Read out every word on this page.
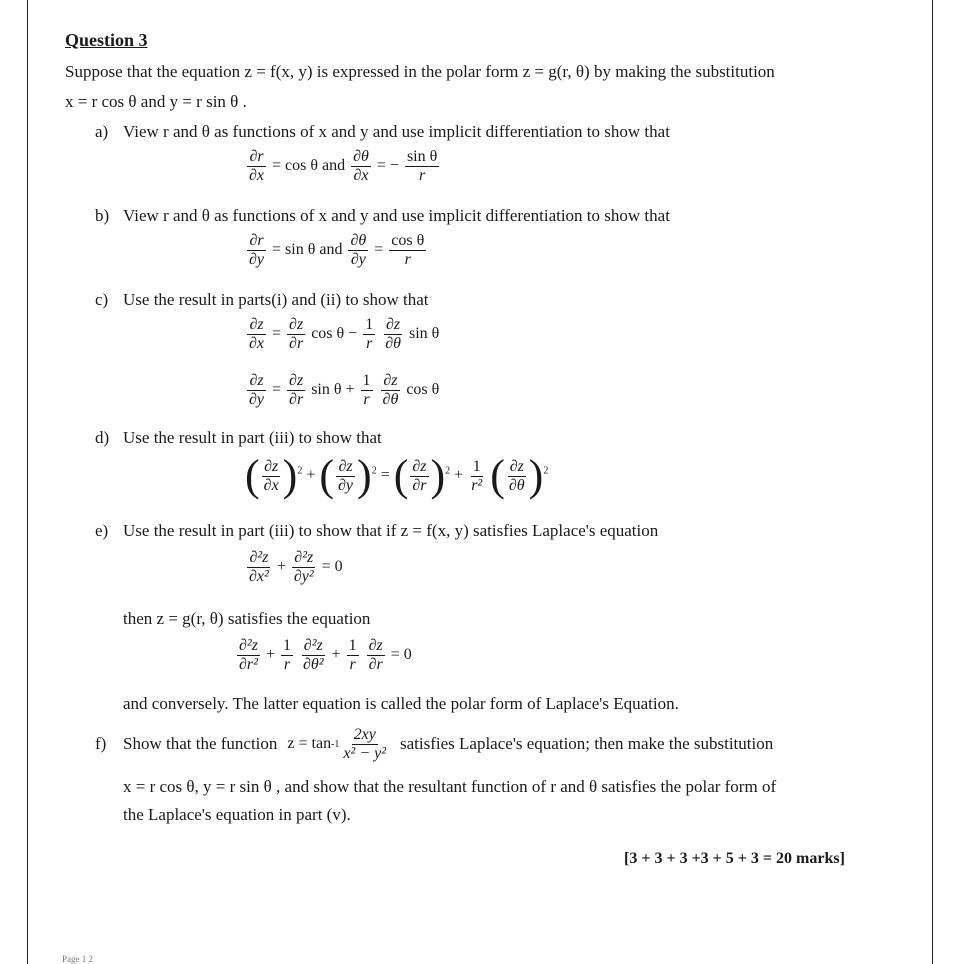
Question 3
Suppose that the equation z = f(x, y) is expressed in the polar form z = g(r, θ) by making the substitution
x = r cos θ and y = r sin θ .
a) View r and θ as functions of x and y and use implicit differentiation to show that
$\frac{\partial r}{\partial x} = \cos \theta$ and $\frac{\partial\theta}{\partial x}$ = − $\frac{\text{sin θ}}{r}$
b) View r and θ as functions of x and y and use implicit differentiation to show that
$\frac{\partial r}{\partial y} = \sin \theta$ and $\frac{\partial\theta}{\partial y} = \frac{\text{cos θ}}{r}$
c) Use the result in parts(i) and (ii) to show that
$\frac{\partial z}{\partial x} = \frac{\partial z}{\partial r}$ $\cos \theta - \frac{1}{r}$
$\frac{\partial z}{\partial\theta}$ sin θ
$\frac{\partial z}{\partial y} = \frac{\partial z}{\partial r}$ $\sin \theta + \frac{1}{r}$
$\frac{\partial z}{\partial\theta}$ cos θ
d) Use the result in part (iii) to show that
( $\frac{\partial z}{\partial x} )^2$ + ( $\frac{\partial z}{\partial y} )^2$ = ( $\frac{\partial z}{\partial r} )^2 + \frac{1}{\text{r²}}$ ( $\frac{\partial z}{\partial\theta} )^2$
e) Use the result in part (iii) to show that if z = f(x, y) satisfies Laplace's equation
$\frac{\text{∂²z}}{\text{∂x²}} + \frac{\text{∂²z}}{\text{∂y²}} = 0$
then z = g(r, θ) satisfies the equation
$\frac{\text{∂²z}}{\text{∂r²}} + \frac{1}{r}$
$\frac{\text{∂²z}}{\text{∂θ²}} + \frac{1}{r}$
$\frac{\partial z}{\partial r} = 0$
and conversely. The latter equation is called the polar form of Laplace's Equation.
f) Show that the function $z = \tan -1 \frac{2xy}{\text{x² − y²}}$ satisfies Laplace's equation; then make the substitution
x = r cos θ, y = r sin θ , and show that the resultant function of r and θ satisfies the polar form of
the Laplace's equation in part (v).
[3 + 3 + 3 +3 + 5 + 3 = 20 marks]
Page 1 2
